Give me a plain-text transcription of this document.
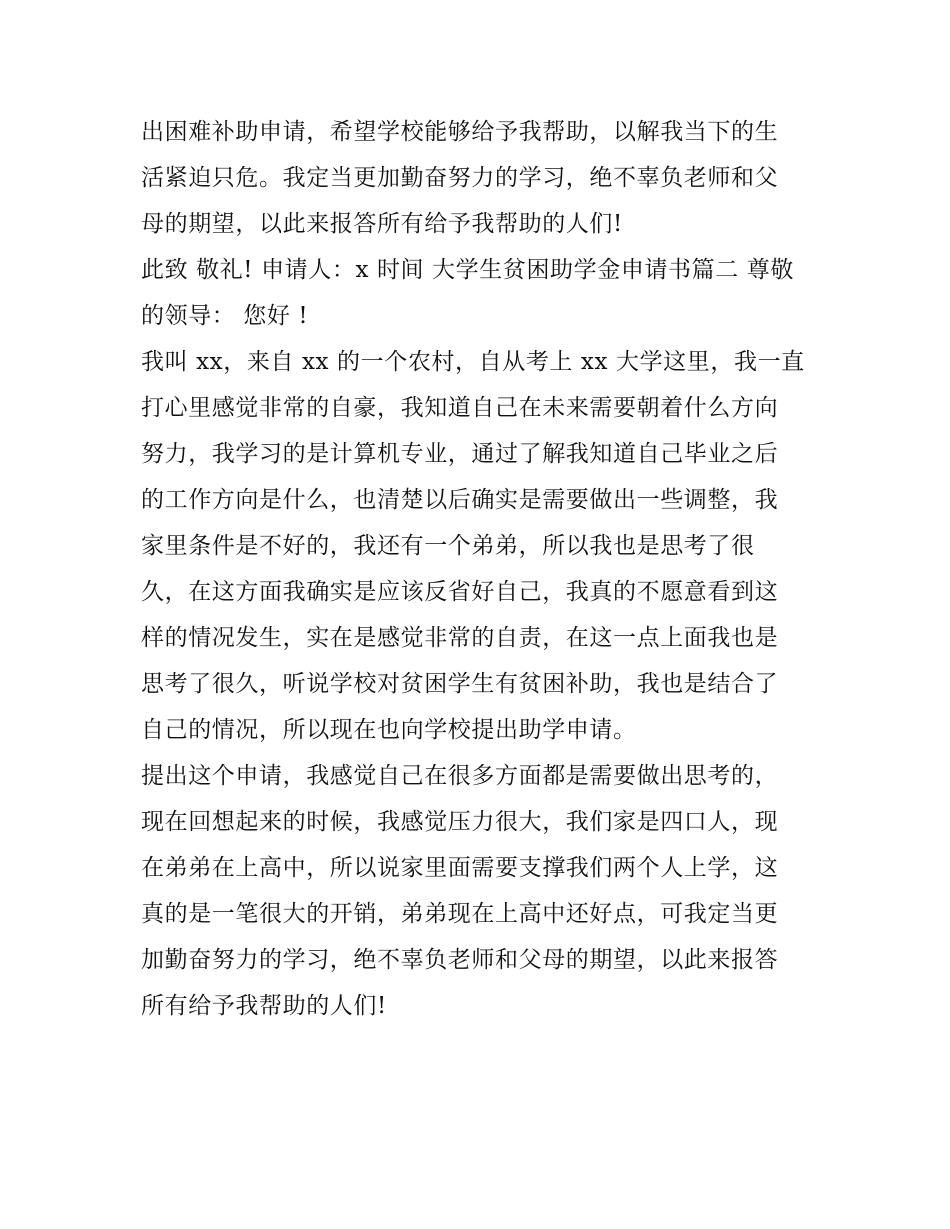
出困难补助申请，希望学校能够给予我帮助，以解我当下的生
活紧迫只危。我定当更加勤奋努力的学习，绝不辜负老师和父
母的期望，以此来报答所有给予我帮助的人们!
此致 敬礼! 申请人：x 时间 大学生贫困助学金申请书篇二 尊敬
的领导： 您好 !
我叫 xx，来自 xx 的一个农村，自从考上 xx 大学这里，我一直
打心里感觉非常的自豪，我知道自己在未来需要朝着什么方向
努力，我学习的是计算机专业，通过了解我知道自己毕业之后
的工作方向是什么，也清楚以后确实是需要做出一些调整，我
家里条件是不好的，我还有一个弟弟，所以我也是思考了很
久，在这方面我确实是应该反省好自己，我真的不愿意看到这
样的情况发生，实在是感觉非常的自责，在这一点上面我也是
思考了很久，听说学校对贫困学生有贫困补助，我也是结合了
自己的情况，所以现在也向学校提出助学申请。
提出这个申请，我感觉自己在很多方面都是需要做出思考的，
现在回想起来的时候，我感觉压力很大，我们家是四口人，现
在弟弟在上高中，所以说家里面需要支撑我们两个人上学，这
真的是一笔很大的开销，弟弟现在上高中还好点，可我定当更
加勤奋努力的学习，绝不辜负老师和父母的期望，以此来报答
所有给予我帮助的人们!
